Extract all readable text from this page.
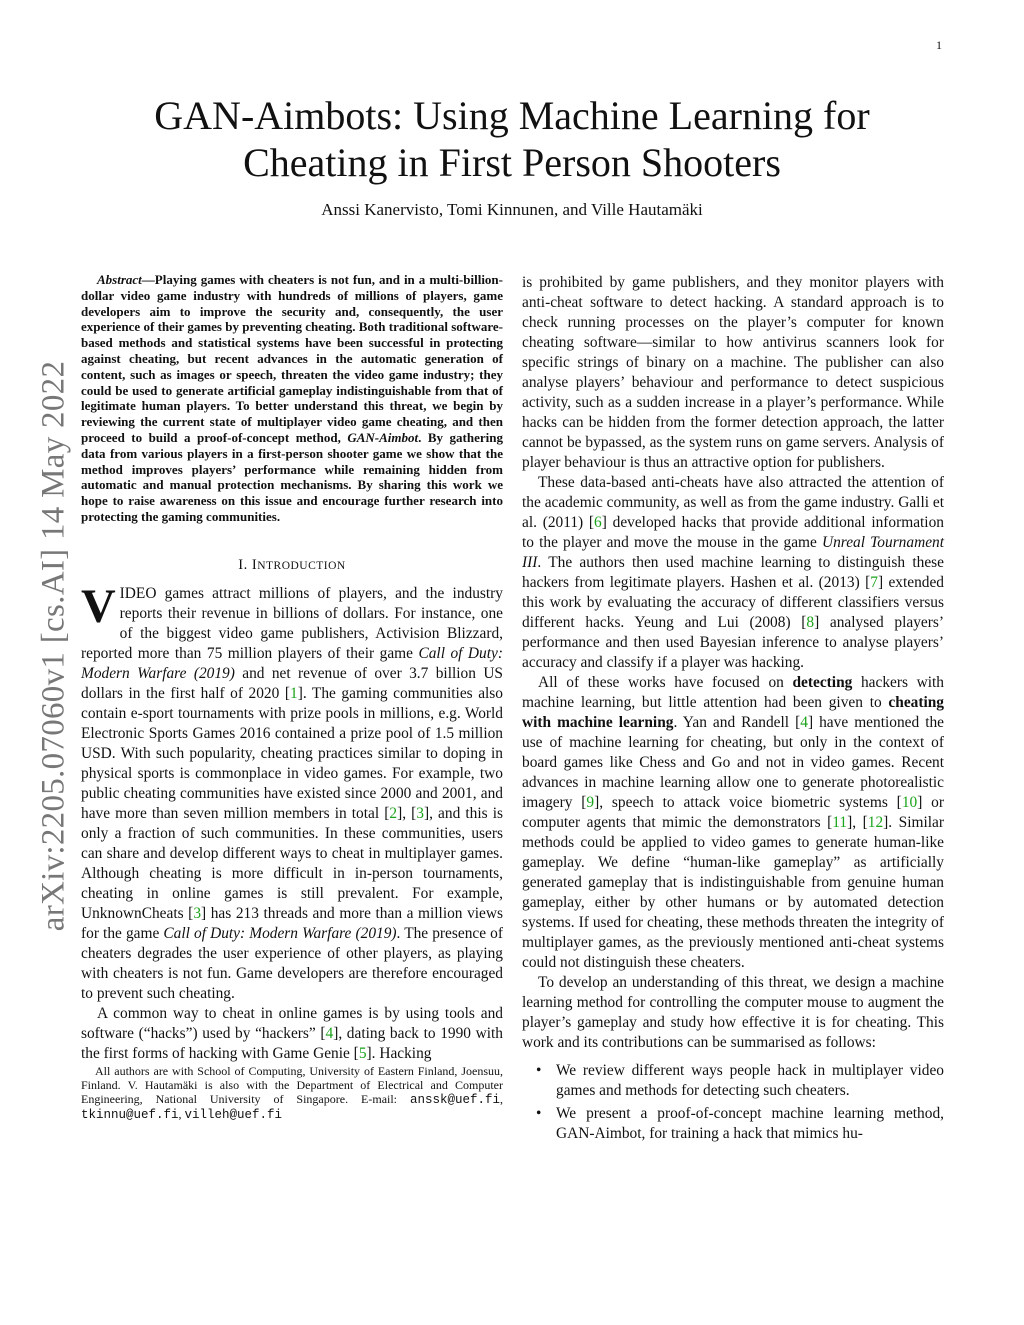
1
arXiv:2205.07060v1 [cs.AI] 14 May 2022
GAN-Aimbots: Using Machine Learning for
Cheating in First Person Shooters
Anssi Kanervisto, Tomi Kinnunen, and Ville Hautamäki

Abstract—Playing games with cheaters is not fun, and in a multi-billion-dollar video game industry with hundreds of millions of players, game developers aim to improve the security and, consequently, the user experience of their games by preventing cheating. Both traditional software-based methods and statistical systems have been successful in protecting against cheating, but recent advances in the automatic generation of content, such as images or speech, threaten the video game industry; they could be used to generate artificial gameplay indistinguishable from that of legitimate human players. To better understand this threat, we begin by reviewing the current state of multiplayer video game cheating, and then proceed to build a proof-of-concept method, GAN-Aimbot. By gathering data from various players in a first-person shooter game we show that the method improves players’ performance while remaining hidden from automatic and manual protection mechanisms. By sharing this work we hope to raise awareness on this issue and encourage further research into protecting the gaming communities.

I. INTRODUCTION

VIDEO games attract millions of players, and the industry reports their revenue in billions of dollars. For instance, one of the biggest video game publishers, Activision Blizzard, reported more than 75 million players of their game Call of Duty: Modern Warfare (2019) and net revenue of over 3.7 billion US dollars in the first half of 2020 [1]. The gaming communities also contain e-sport tournaments with prize pools in millions, e.g. World Electronic Sports Games 2016 contained a prize pool of 1.5 million USD. With such popularity, cheating practices similar to doping in physical sports is commonplace in video games. For example, two public cheating communities have existed since 2000 and 2001, and have more than seven million members in total [2], [3], and this is only a fraction of such communities. In these communities, users can share and develop different ways to cheat in multiplayer games. Although cheating is more difficult in in-person tournaments, cheating in online games is still prevalent. For example, UnknownCheats [3] has 213 threads and more than a million views for the game Call of Duty: Modern Warfare (2019). The presence of cheaters degrades the user experience of other players, as playing with cheaters is not fun. Game developers are therefore encouraged to prevent such cheating.

A common way to cheat in online games is by using tools and software (“hacks”) used by “hackers” [4], dating back to 1990 with the first forms of hacking with Game Genie [5]. Hacking

All authors are with School of Computing, University of Eastern Finland, Joensuu, Finland. V. Hautamäki is also with the Department of Electrical and Computer Engineering, National University of Singapore. E-mail: anssk@uef.fi, tkinnu@uef.fi, villeh@uef.fi

is prohibited by game publishers, and they monitor players with anti-cheat software to detect hacking. A standard approach is to check running processes on the player’s computer for known cheating software—similar to how antivirus scanners look for specific strings of binary on a machine. The publisher can also analyse players’ behaviour and performance to detect suspicious activity, such as a sudden increase in a player’s performance. While hacks can be hidden from the former detection approach, the latter cannot be bypassed, as the system runs on game servers. Analysis of player behaviour is thus an attractive option for publishers.

These data-based anti-cheats have also attracted the attention of the academic community, as well as from the game industry. Galli et al. (2011) [6] developed hacks that provide additional information to the player and move the mouse in the game Unreal Tournament III. The authors then used machine learning to distinguish these hackers from legitimate players. Hashen et al. (2013) [7] extended this work by evaluating the accuracy of different classifiers versus different hacks. Yeung and Lui (2008) [8] analysed players’ performance and then used Bayesian inference to analyse players’ accuracy and classify if a player was hacking.

All of these works have focused on detecting hackers with machine learning, but little attention had been given to cheating with machine learning. Yan and Randell [4] have mentioned the use of machine learning for cheating, but only in the context of board games like Chess and Go and not in video games. Recent advances in machine learning allow one to generate photorealistic imagery [9], speech to attack voice biometric systems [10] or computer agents that mimic the demonstrators [11], [12]. Similar methods could be applied to video games to generate human-like gameplay. We define “human-like gameplay” as artificially generated gameplay that is indistinguishable from genuine human gameplay, either by other humans or by automated detection systems. If used for cheating, these methods threaten the integrity of multiplayer games, as the previously mentioned anti-cheat systems could not distinguish these cheaters.

To develop an understanding of this threat, we design a machine learning method for controlling the computer mouse to augment the player’s gameplay and study how effective it is for cheating. This work and its contributions can be summarised as follows:

• We review different ways people hack in multiplayer video games and methods for detecting such cheaters.
• We present a proof-of-concept machine learning method, GAN-Aimbot, for training a hack that mimics hu-
